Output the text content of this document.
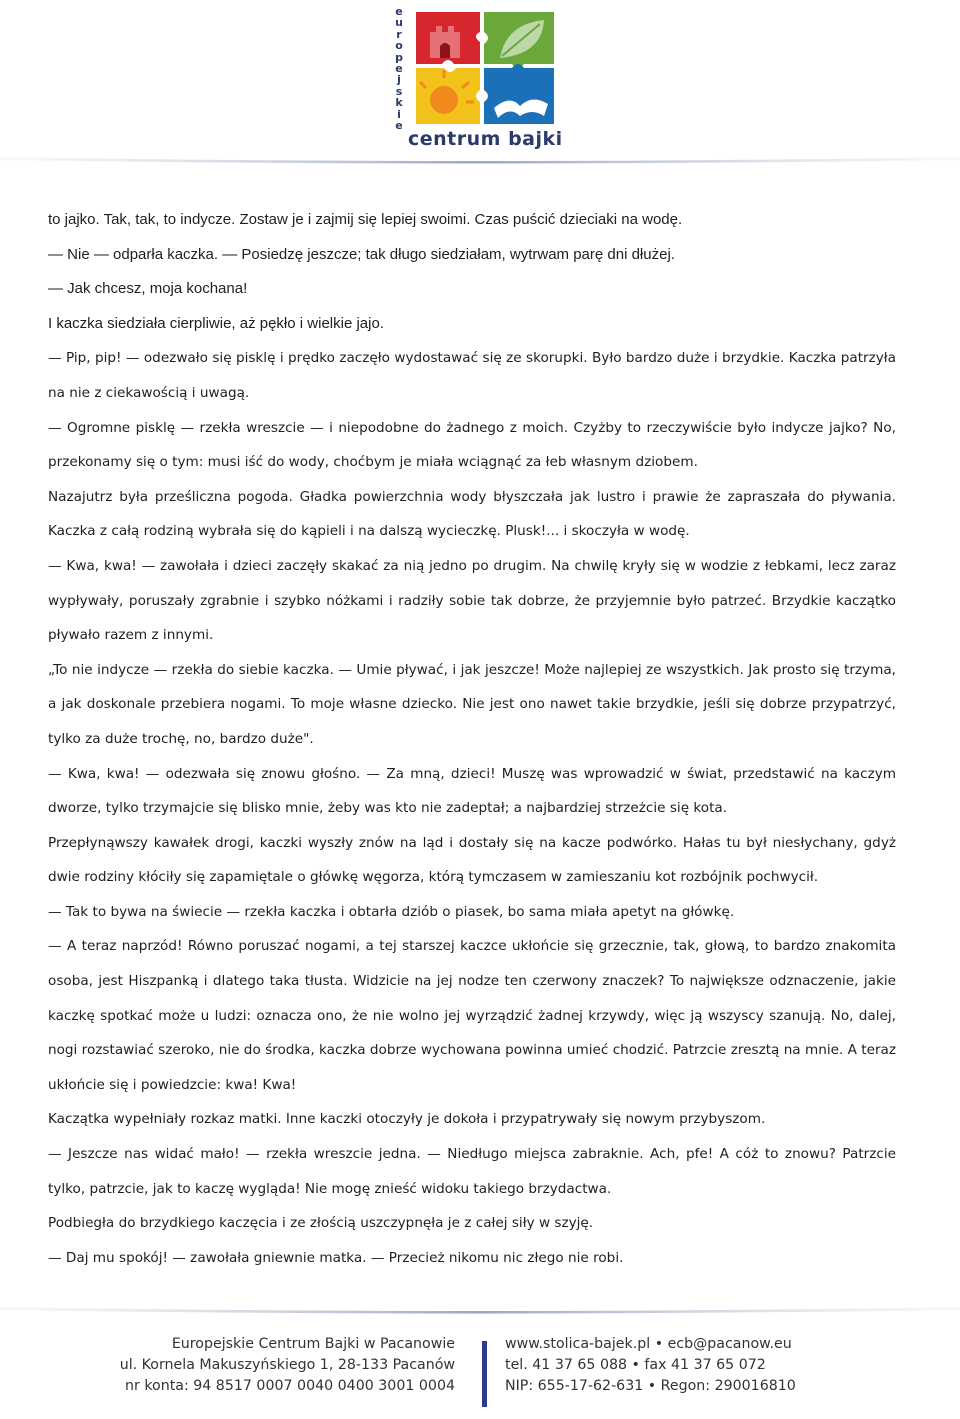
e
u
r
o
p
e
j
s
k
i
e
centrum bajki

to jajko. Tak, tak, to indycze. Zostaw je i zajmij się lepiej swoimi. Czas puścić dzieciaki na wodę.

— Nie — odparła kaczka. — Posiedzę jeszcze; tak długo siedziałam, wytrwam parę dni dłużej.

— Jak chcesz, moja kochana!

I kaczka siedziała cierpliwie, aż pękło i wielkie jajo.

— Pip, pip! — odezwało się pisklę i prędko zaczęło wydostawać się ze skorupki. Było bardzo duże i brzydkie. Kaczka patrzyła na nie z ciekawością i uwagą.

— Ogromne pisklę — rzekła wreszcie — i niepodobne do żadnego z moich. Czyżby to rzeczywiście było indycze jajko? No, przekonamy się o tym: musi iść do wody, choćbym je miała wciągnąć za łeb własnym dziobem.

Nazajutrz była prześliczna pogoda. Gładka powierzchnia wody błyszczała jak lustro i prawie że zapraszała do pływania. Kaczka z całą rodziną wybrała się do kąpieli i na dalszą wycieczkę. Plusk!... i skoczyła w wodę.

— Kwa, kwa! — zawołała i dzieci zaczęły skakać za nią jedno po drugim. Na chwilę kryły się w wodzie z łebkami, lecz zaraz wypływały, poruszały zgrabnie i szybko nóżkami i radziły sobie tak dobrze, że przyjemnie było patrzeć. Brzydkie kaczątko pływało razem z innymi.

„To nie indycze — rzekła do siebie kaczka. — Umie pływać, i jak jeszcze! Może najlepiej ze wszystkich. Jak prosto się trzyma, a jak doskonale przebiera nogami. To moje własne dziecko. Nie jest ono nawet takie brzydkie, jeśli się dobrze przypatrzyć, tylko za duże trochę, no, bardzo duże".

— Kwa, kwa! — odezwała się znowu głośno. — Za mną, dzieci! Muszę was wprowadzić w świat, przedstawić na kaczym dworze, tylko trzymajcie się blisko mnie, żeby was kto nie zadeptał; a najbardziej strzeżcie się kota.

Przepłynąwszy kawałek drogi, kaczki wyszły znów na ląd i dostały się na kacze podwórko. Hałas tu był niesłychany, gdyż dwie rodziny kłóciły się zapamiętale o główkę węgorza, którą tymczasem w zamieszaniu kot rozbójnik pochwycił.

— Tak to bywa na świecie — rzekła kaczka i obtarła dziób o piasek, bo sama miała apetyt na główkę.

— A teraz naprzód! Równo poruszać nogami, a tej starszej kaczce ukłońcie się grzecznie, tak, głową, to bardzo znakomita osoba, jest Hiszpanką i dlatego taka tłusta. Widzicie na jej nodze ten czerwony znaczek? To największe odznaczenie, jakie kaczkę spotkać może u ludzi: oznacza ono, że nie wolno jej wyrządzić żadnej krzywdy, więc ją wszyscy szanują. No, dalej, nogi rozstawiać szeroko, nie do środka, kaczka dobrze wychowana powinna umieć chodzić. Patrzcie zresztą na mnie. A teraz ukłońcie się i powiedzcie: kwa! Kwa!

Kaczątka wypełniały rozkaz matki. Inne kaczki otoczyły je dokoła i przypatrywały się nowym przybyszom.

— Jeszcze nas widać mało! — rzekła wreszcie jedna. — Niedługo miejsca zabraknie. Ach, pfe! A cóż to znowu? Patrzcie tylko, patrzcie, jak to kaczę wygląda! Nie mogę znieść widoku takiego brzydactwa.

Podbiegła do brzydkiego kaczęcia i ze złością uszczypnęła je z całej siły w szyję.

— Daj mu spokój! — zawołała gniewnie matka. — Przecież nikomu nic złego nie robi.

Europejskie Centrum Bajki w Pacanowie
ul. Kornela Makuszyńskiego 1, 28-133 Pacanów
nr konta: 94 8517 0007 0040 0400 3001 0004
www.stolica-bajek.pl • ecb@pacanow.eu
tel. 41 37 65 088 • fax 41 37 65 072
NIP: 655-17-62-631 • Regon: 290016810
